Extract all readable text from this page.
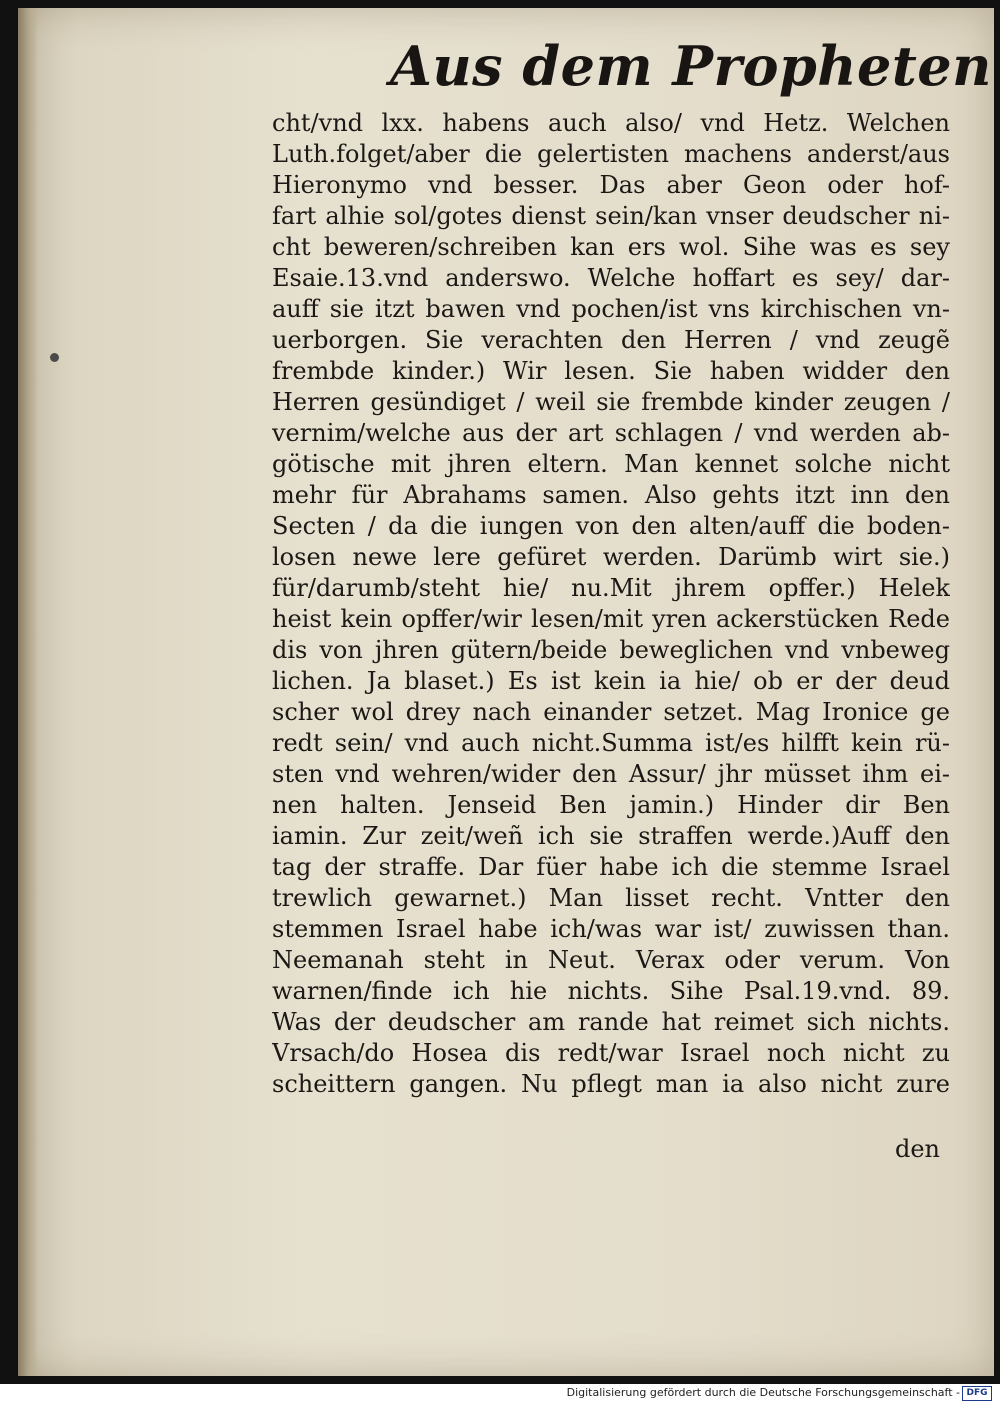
Aus dem Propheten
cht/vnd lxx. habens auch also/ vnd Hetz. Welchen
Luth.folget/aber die gelertisten machens anderst/aus
Hieronymo vnd besser. Das aber Geon oder hof-
fart alhie sol/gotes dienst sein/kan vnser deudscher ni-
cht beweren/schreiben kan ers wol. Sihe was es sey
Esaie.13.vnd anderswo. Welche hoffart es sey/ dar-
auff sie itzt bawen vnd pochen/ist vns kirchischen vn-
uerborgen. Sie verachten den Herren / vnd zeugẽ
frembde kinder.) Wir lesen. Sie haben widder den
Herren gesündiget / weil sie frembde kinder zeugen /
vernim/welche aus der art schlagen / vnd werden ab-
götische mit jhren eltern. Man kennet solche nicht
mehr für Abrahams samen. Also gehts itzt inn den
Secten / da die iungen von den alten/auff die boden-
losen newe lere gefüret werden. Darümb wirt sie.)
für/darumb/steht hie/ nu.Mit jhrem opffer.) Helek
heist kein opffer/wir lesen/mit yren ackerstücken Rede
dis von jhren gütern/beide beweglichen vnd vnbeweg
lichen. Ja blaset.) Es ist kein ia hie/ ob er der deud
scher wol drey nach einander setzet. Mag Ironice ge
redt sein/ vnd auch nicht.Summa ist/es hilfft kein rü-
sten vnd wehren/wider den Assur/ jhr müsset ihm ei-
nen halten. Jenseid Ben jamin.) Hinder dir Ben
iamin. Zur zeit/weñ ich sie straffen werde.)Auff den
tag der straffe. Dar füer habe ich die stemme Israel
trewlich gewarnet.) Man lisset recht. Vntter den
stemmen Israel habe ich/was war ist/ zuwissen than.
Neemanah steht in Neut. Verax oder verum. Von
warnen/finde ich hie nichts. Sihe Psal.19.vnd. 89.
Was der deudscher am rande hat reimet sich nichts.
Vrsach/do Hosea dis redt/war Israel noch nicht zu
scheittern gangen. Nu pflegt man ia also nicht zure
den
Digitalisierung gefördert durch die Deutsche Forschungsgemeinschaft - DFG
